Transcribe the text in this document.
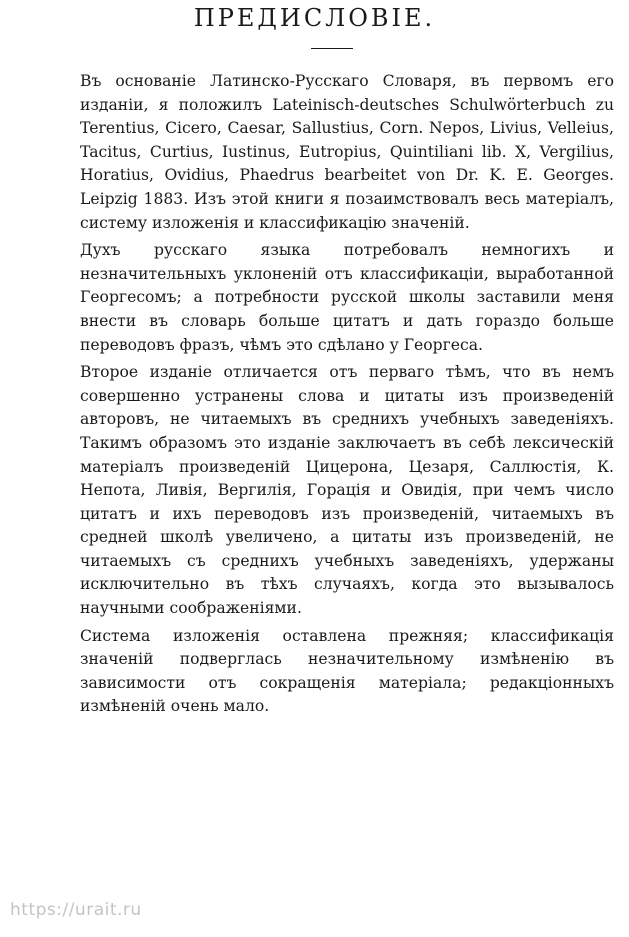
ПРЕДИСЛОВІЕ.

Въ основаніе Латинско-Русскаго Словаря, въ первомъ его изданіи, я положилъ Lateinisch-deutsches Schulwörterbuch zu Terentius, Cicero, Caesar, Sallustius, Corn. Nepos, Livius, Velleius, Tacitus, Curtius, Iustinus, Eutropius, Quintiliani lib. X, Vergilius, Horatius, Ovidius, Phaedrus bearbeitet von Dr. K. E. Georges. Leipzig 1883. Изъ этой книги я позаимствовалъ весь матеріалъ, систему изложенія и классификацію значеній.

Духъ русскаго языка потребовалъ немногихъ и незначительныхъ уклоненій отъ классификаціи, выработанной Георгесомъ; а потребности русской школы заставили меня внести въ словарь больше цитатъ и дать гораздо больше переводовъ фразъ, чѣмъ это сдѣлано у Георгеса.

Второе изданіе отличается отъ перваго тѣмъ, что въ немъ совершенно устранены слова и цитаты изъ произведеній авторовъ, не читаемыхъ въ среднихъ учебныхъ заведеніяхъ. Такимъ образомъ это изданіе заключаетъ въ себѣ лексическій матеріалъ произведеній Цицерона, Цезаря, Саллюстія, К. Непота, Ливія, Вергилія, Горація и Овидія, при чемъ число цитатъ и ихъ переводовъ изъ произведеній, читаемыхъ въ средней школѣ увеличено, а цитаты изъ произведеній, не читаемыхъ съ среднихъ учебныхъ заведеніяхъ, удержаны исключительно въ тѣхъ случаяхъ, когда это вызывалось научными соображеніями.

Система изложенія оставлена прежняя; классификація значеній подверглась незначительному измѣненію въ зависимости отъ сокращенія матеріала; редакціонныхъ измѣненій очень мало.

https://urait.ru
